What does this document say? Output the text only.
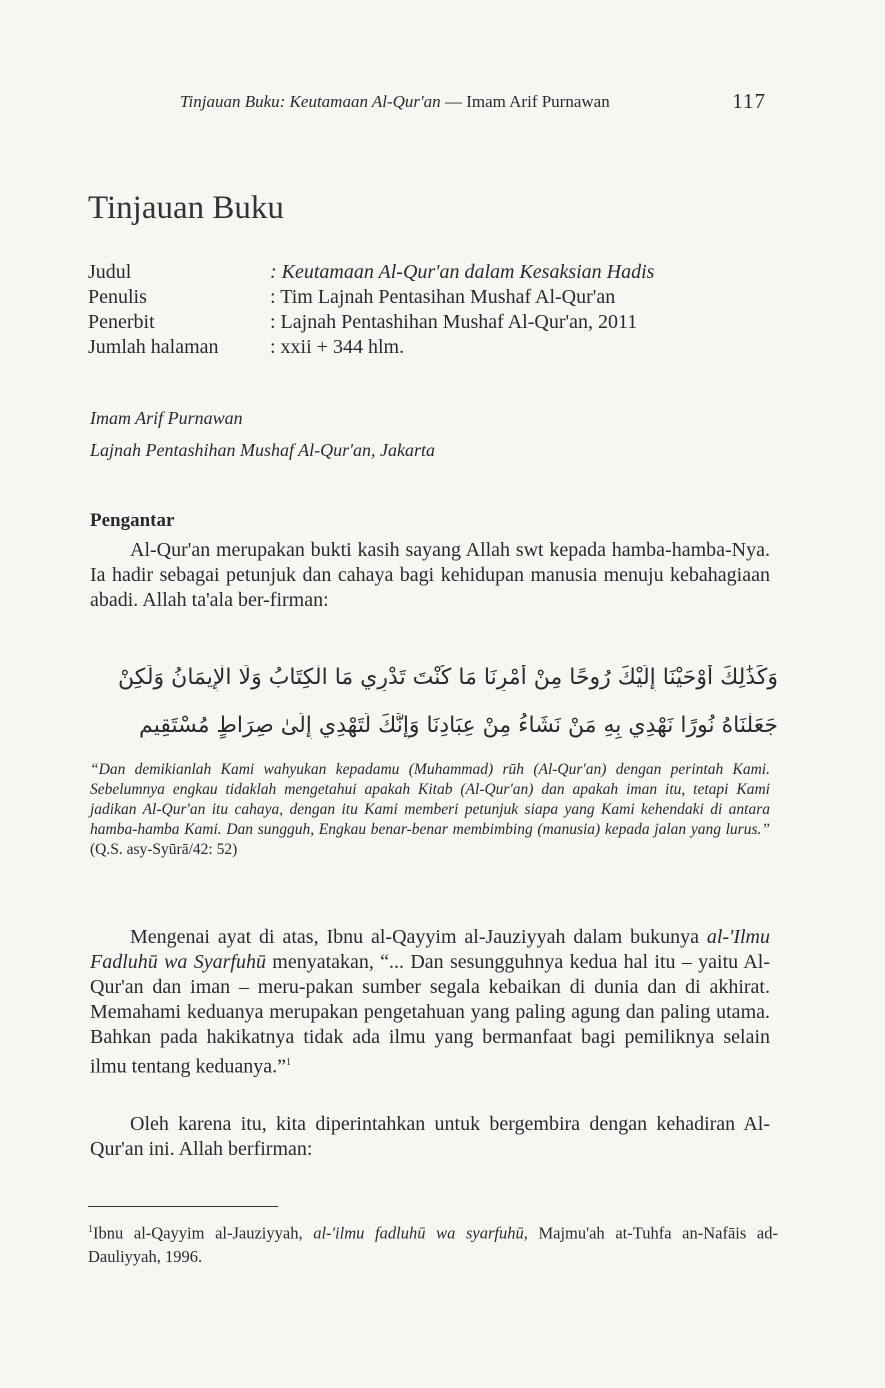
Tinjauan Buku: Keutamaan Al-Qur'an — Imam Arif Purnawan	117
Tinjauan Buku
Judul	: Keutamaan Al-Qur'an dalam Kesaksian Hadis
Penulis	: Tim Lajnah Pentasihan Mushaf Al-Qur'an
Penerbit	: Lajnah Pentashihan Mushaf Al-Qur'an, 2011
Jumlah halaman	: xxii + 344 hlm.
Imam Arif Purnawan
Lajnah Pentashihan Mushaf Al-Qur'an, Jakarta
Pengantar

Al-Qur'an merupakan bukti kasih sayang Allah swt kepada hamba-hamba-Nya. Ia hadir sebagai petunjuk dan cahaya bagi kehidupan manusia menuju kebahagiaan abadi. Allah ta'ala ber-firman:

وَكَذَٰلِكَ أَوْحَيْنَا إِلَيْكَ رُوحًا مِنْ أَمْرِنَا مَا كُنْتَ تَدْرِي مَا الْكِتَابُ وَلَا الْإِيمَانُ وَلَٰكِنْ
جَعَلْنَاهُ نُورًا نَهْدِي بِهِ مَنْ نَشَاءُ مِنْ عِبَادِنَا وَإِنَّكَ لَتَهْدِي إِلَىٰ صِرَاطٍ مُسْتَقِيمٍ
“Dan demikianlah Kami wahyukan kepadamu (Muhammad) rūh (Al-Qur'an) dengan perintah Kami. Sebelumnya engkau tidaklah mengetahui apakah Kitab (Al-Qur'an) dan apakah iman itu, tetapi Kami jadikan Al-Qur'an itu cahaya, dengan itu Kami memberi petunjuk siapa yang Kami kehendaki di antara hamba-hamba Kami. Dan sungguh, Engkau benar-benar membimbing (manusia) kepada jalan yang lurus.” (Q.S. asy-Syūrā/42: 52)

Mengenai ayat di atas, Ibnu al-Qayyim al-Jauziyyah dalam bukunya al-'Ilmu Fadluhū wa Syarfuhū menyatakan, “... Dan sesungguhnya kedua hal itu – yaitu Al-Qur'an dan iman – meru-pakan sumber segala kebaikan di dunia dan di akhirat. Memahami keduanya merupakan pengetahuan yang paling agung dan paling utama. Bahkan pada hakikatnya tidak ada ilmu yang bermanfaat bagi pemiliknya selain ilmu tentang keduanya.”$^1$

Oleh karena itu, kita diperintahkan untuk bergembira dengan kehadiran Al-Qur'an ini. Allah berfirman:

$^1$Ibnu al-Qayyim al-Jauziyyah, al-'ilmu fadluhū wa syarfuhū, Majmu'ah at-Tuhfa an-Nafāis ad-Dauliyyah, 1996.
